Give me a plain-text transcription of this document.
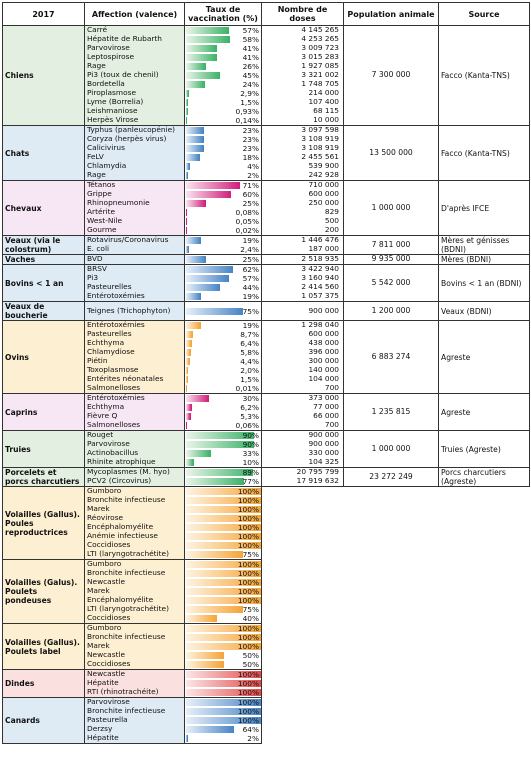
2017	Affection (valence)	Taux de vaccination (%)	Nombre de doses	Population animale	Source
Chiens	Carré	57%	4 145 265	7 300 000	Facco (Kanta-TNS)
	Hépatite de Rubarth	58%	4 253 265		
	Parvovirose	41%	3 009 723		
	Leptospirose	41%	3 015 283		
	Rage	26%	1 927 085		
	Pi3 (toux de chenil)	45%	3 321 002		
	Bordetella	24%	1 748 705		
	Piroplasmose	2,9%	214 000		
	Lyme (Borrelia)	1,5%	107 400		
	Leishmaniose	0,93%	68 115		
	Herpès Virose	0,14%	10 000		
Chats	Typhus (panleucopénie)	23%	3 097 598	13 500 000	Facco (Kanta-TNS)
	Coryza (herpès virus)	23%	3 108 919		
	Calicivirus	23%	3 108 919		
	FeLV	18%	2 455 561		
	Chlamydia	4%	539 900		
	Rage	2%	242 928		
Chevaux	Tétanos	71%	710 000	1 000 000	D'après IFCE
	Grippe	60%	600 000		
	Rhinopneumonie	25%	250 000		
	Artérite	0,08%	829		
	West-Nile	0,05%	500		
	Gourme	0,02%	200		
Veaux (via le colostrum)	Rotavirus/Coronavirus	19%	1 446 476	7 811 000	Mères et génisses (BDNI)
	E. coli	2,4%	187 000		
Vaches	BVD	25%	2 518 935	9 935 000	Mères (BDNI)
Bovins < 1 an	BRSV	62%	3 422 940	5 542 000	Bovins < 1 an (BDNI)
	Pi3	57%	3 160 940		
	Pasteurelles	44%	2 414 560		
	Entérotoxémies	19%	1 057 375		
Veaux de boucherie	Teignes (Trichophyton)	75%	900 000	1 200 000	Veaux (BDNI)
Ovins	Entérotoxémies	19%	1 298 040	6 883 274	Agreste
	Pasteurelles	8,7%	600 000		
	Echthyma	6,4%	438 000		
	Chlamydiose	5,8%	396 000		
	Piétin	4,4%	300 000		
	Toxoplasmose	2,0%	140 000		
	Entérites néonatales	1,5%	104 000		
	Salmonelloses	0,01%	700		
Caprins	Entérotoxémies	30%	373 000	1 235 815	Agreste
	Echthyma	6,2%	77 000		
	Fièvre Q	5,3%	66 000		
	Salmonelloses	0,06%	700		
Truies	Rouget	90%	900 000	1 000 000	Truies (Agreste)
	Parvovirose	90%	900 000		
	Actinobacillus	33%	330 000		
	Rhinite atrophique	10%	104 325		
Porcelets et porcs charcutiers	Mycoplasmes (M. hyo)	89%	20 795 799	23 272 249	Porcs charcutiers (Agreste)
	PCV2 (Circovirus)	77%	17 919 632		
Volailles (Gallus). Poules reproductrices	Gumboro	100%			

	Bronchite infectieuse	100%			

	Marek	100%			

	Réovirose	100%			

	Encéphalomyélite	100%			

	Anémie infectieuse	100%			

	Coccidioses	100%			

	LTI (laryngotrachétite)	75%			

Volailles (Galus). Poulets pondeuses	Gumboro	100%			

	Bronchite infectieuse	100%			

	Newcastle	100%			

	Marek	100%			

	Encéphalomyélite	100%			

	LTI (laryngotrachétite)	75%			

	Coccidioses	40%			

Volailles (Gallus). Poulets label	Gumboro	100%			

	Bronchite infectieuse	100%			

	Marek	100%			

	Newcastle	50%			

	Coccidioses	50%			

Dindes	Newcastle	100%			

	Hépatite	100%			

	RTI (rhinotrachéite)	100%			

Canards	Parvovirose	100%			

	Bronchite infectieuse	100%			

	Pasteurella	100%			

	Derzsy	64%			

	Hépatite	2%			
